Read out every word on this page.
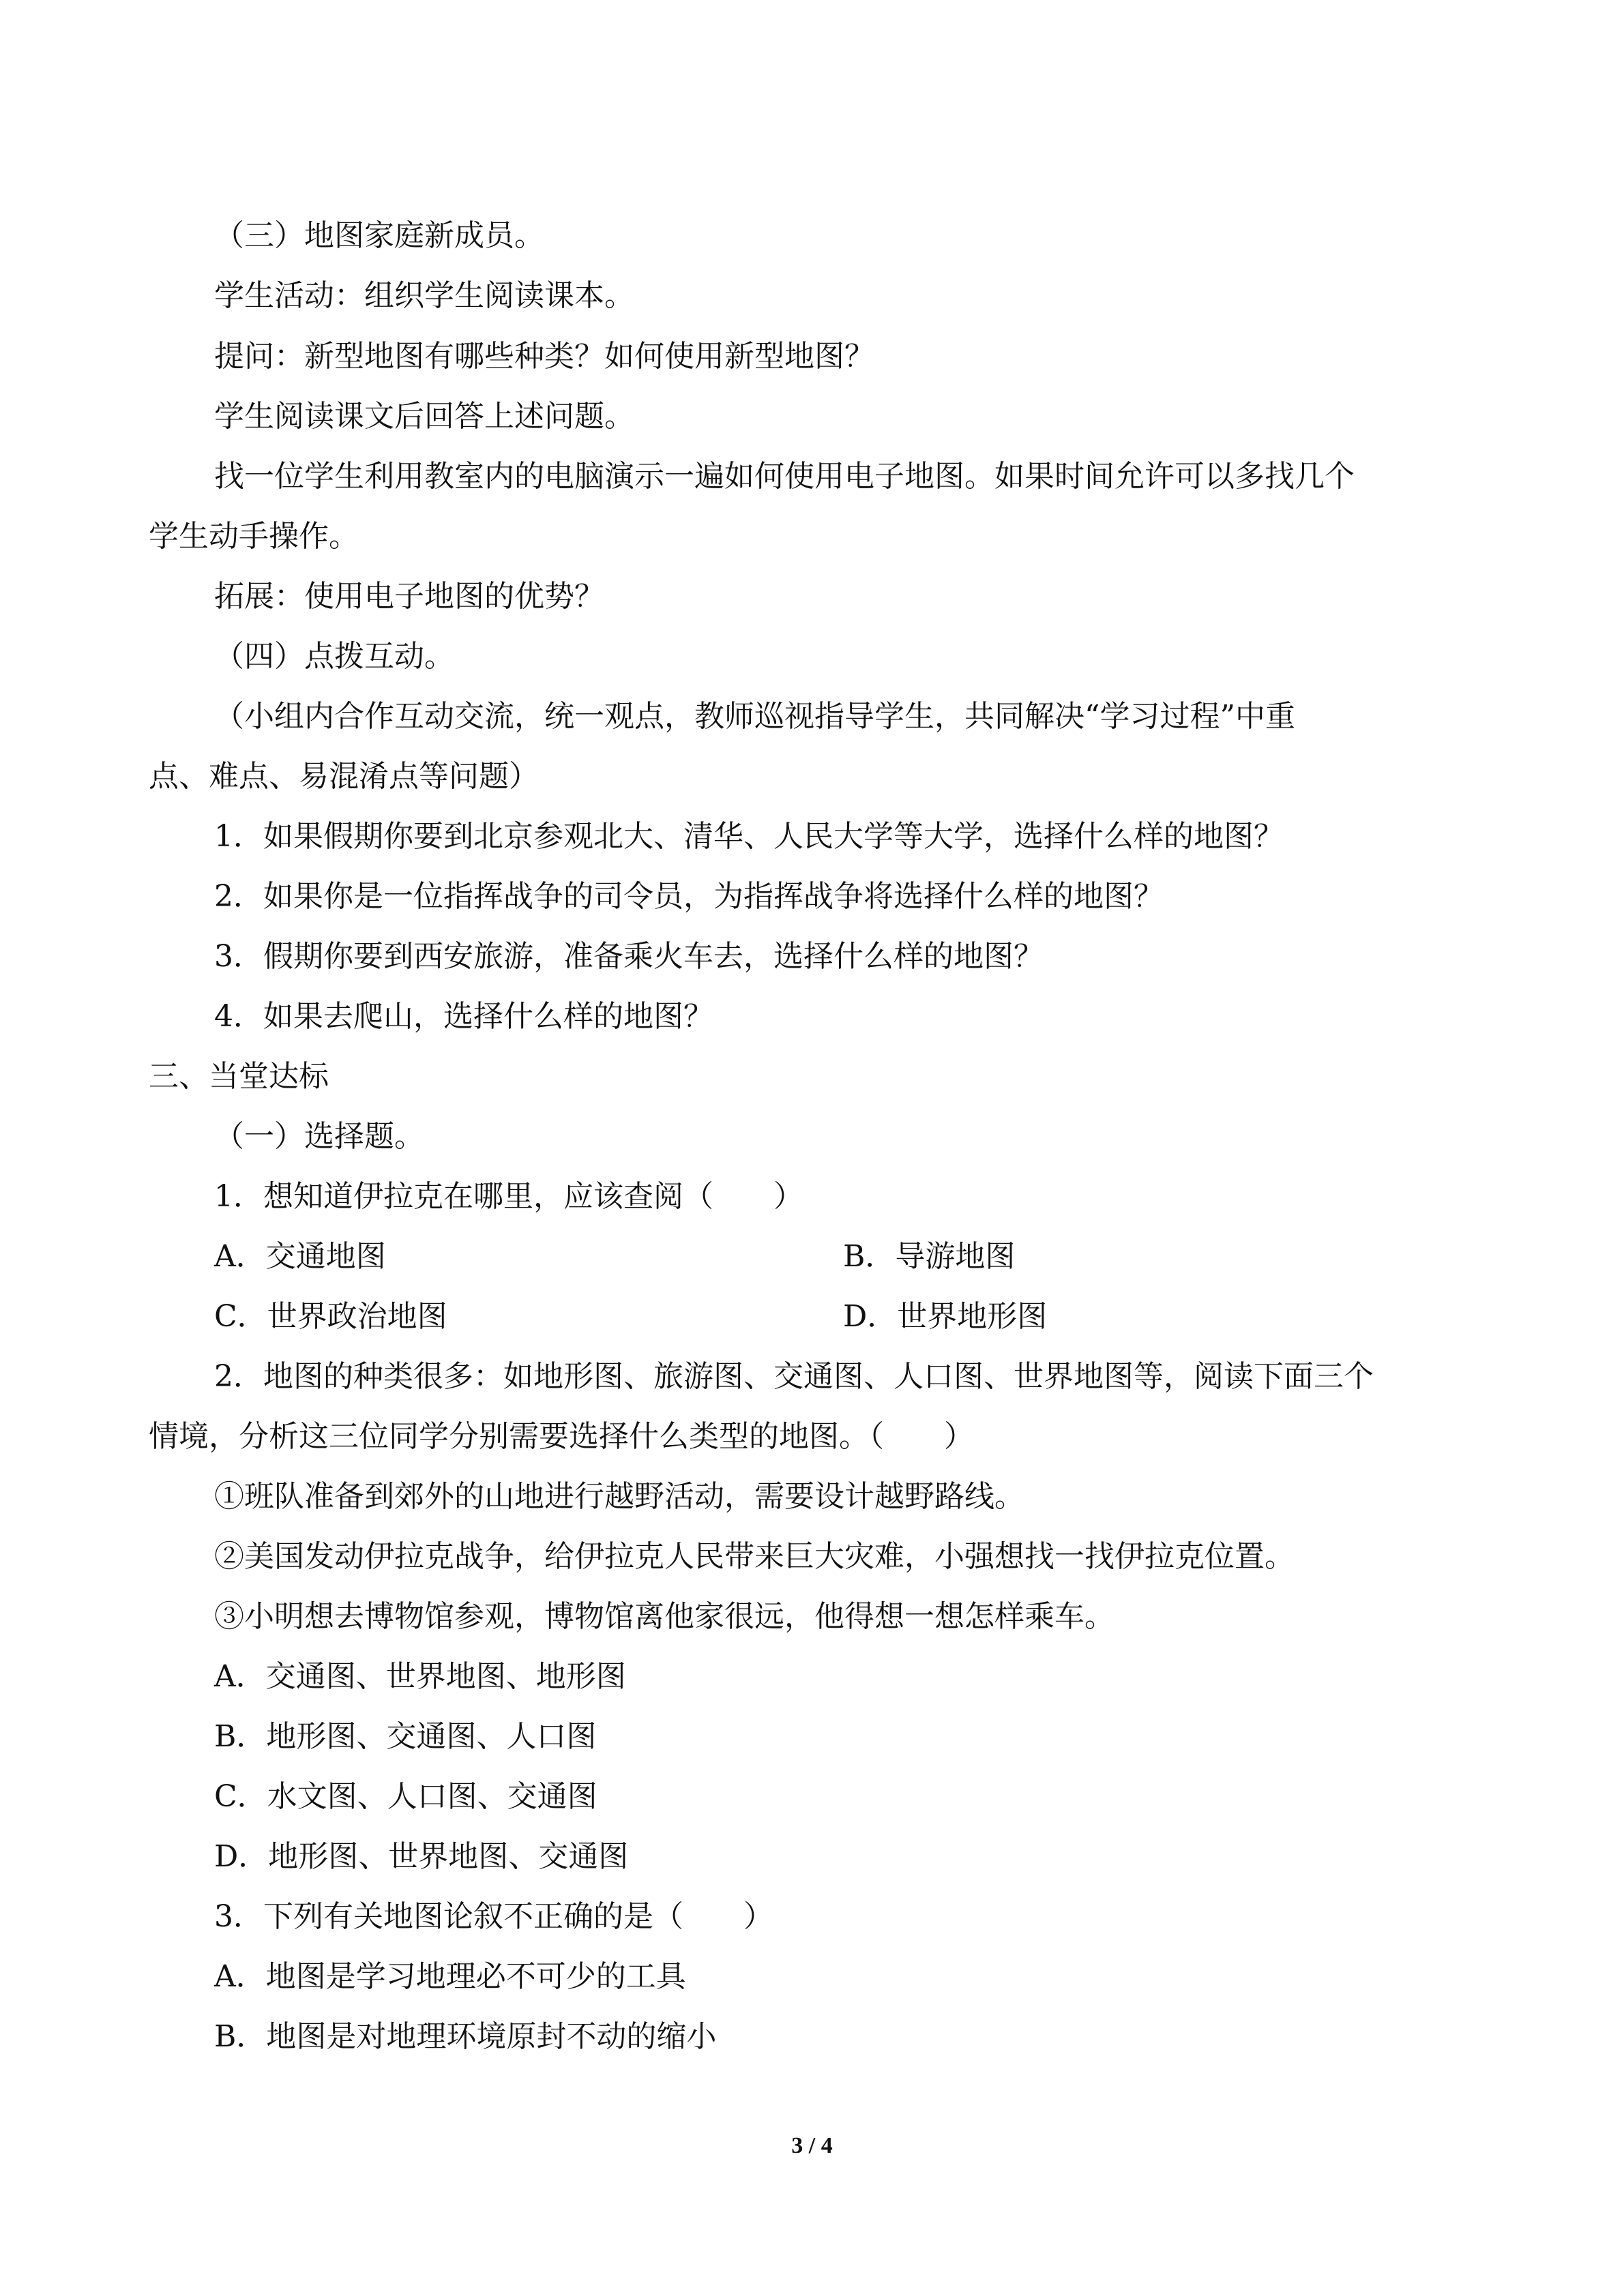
（三）地图家庭新成员。
学生活动：组织学生阅读课本。
提问：新型地图有哪些种类？如何使用新型地图？
学生阅读课文后回答上述问题。
找一位学生利用教室内的电脑演示一遍如何使用电子地图。如果时间允许可以多找几个
学生动手操作。
拓展：使用电子地图的优势？
（四）点拨互动。
（小组内合作互动交流，统一观点，教师巡视指导学生，共同解决“学习过程”中重
点、难点、易混淆点等问题）
1．如果假期你要到北京参观北大、清华、人民大学等大学，选择什么样的地图？
2．如果你是一位指挥战争的司令员，为指挥战争将选择什么样的地图？
3．假期你要到西安旅游，准备乘火车去，选择什么样的地图？
4．如果去爬山，选择什么样的地图？
三、当堂达标
（一）选择题。
1．想知道伊拉克在哪里，应该查阅（　　）
A．交通地图	B．导游地图
C．世界政治地图	D．世界地形图
2．地图的种类很多：如地形图、旅游图、交通图、人口图、世界地图等，阅读下面三个
情境，分析这三位同学分别需要选择什么类型的地图。（　　）
①班队准备到郊外的山地进行越野活动，需要设计越野路线。
②美国发动伊拉克战争，给伊拉克人民带来巨大灾难，小强想找一找伊拉克位置。
③小明想去博物馆参观，博物馆离他家很远，他得想一想怎样乘车。
A．交通图、世界地图、地形图
B．地形图、交通图、人口图
C．水文图、人口图、交通图
D．地形图、世界地图、交通图
3．下列有关地图论叙不正确的是（　　）
A．地图是学习地理必不可少的工具
B．地图是对地理环境原封不动的缩小
3 / 4
